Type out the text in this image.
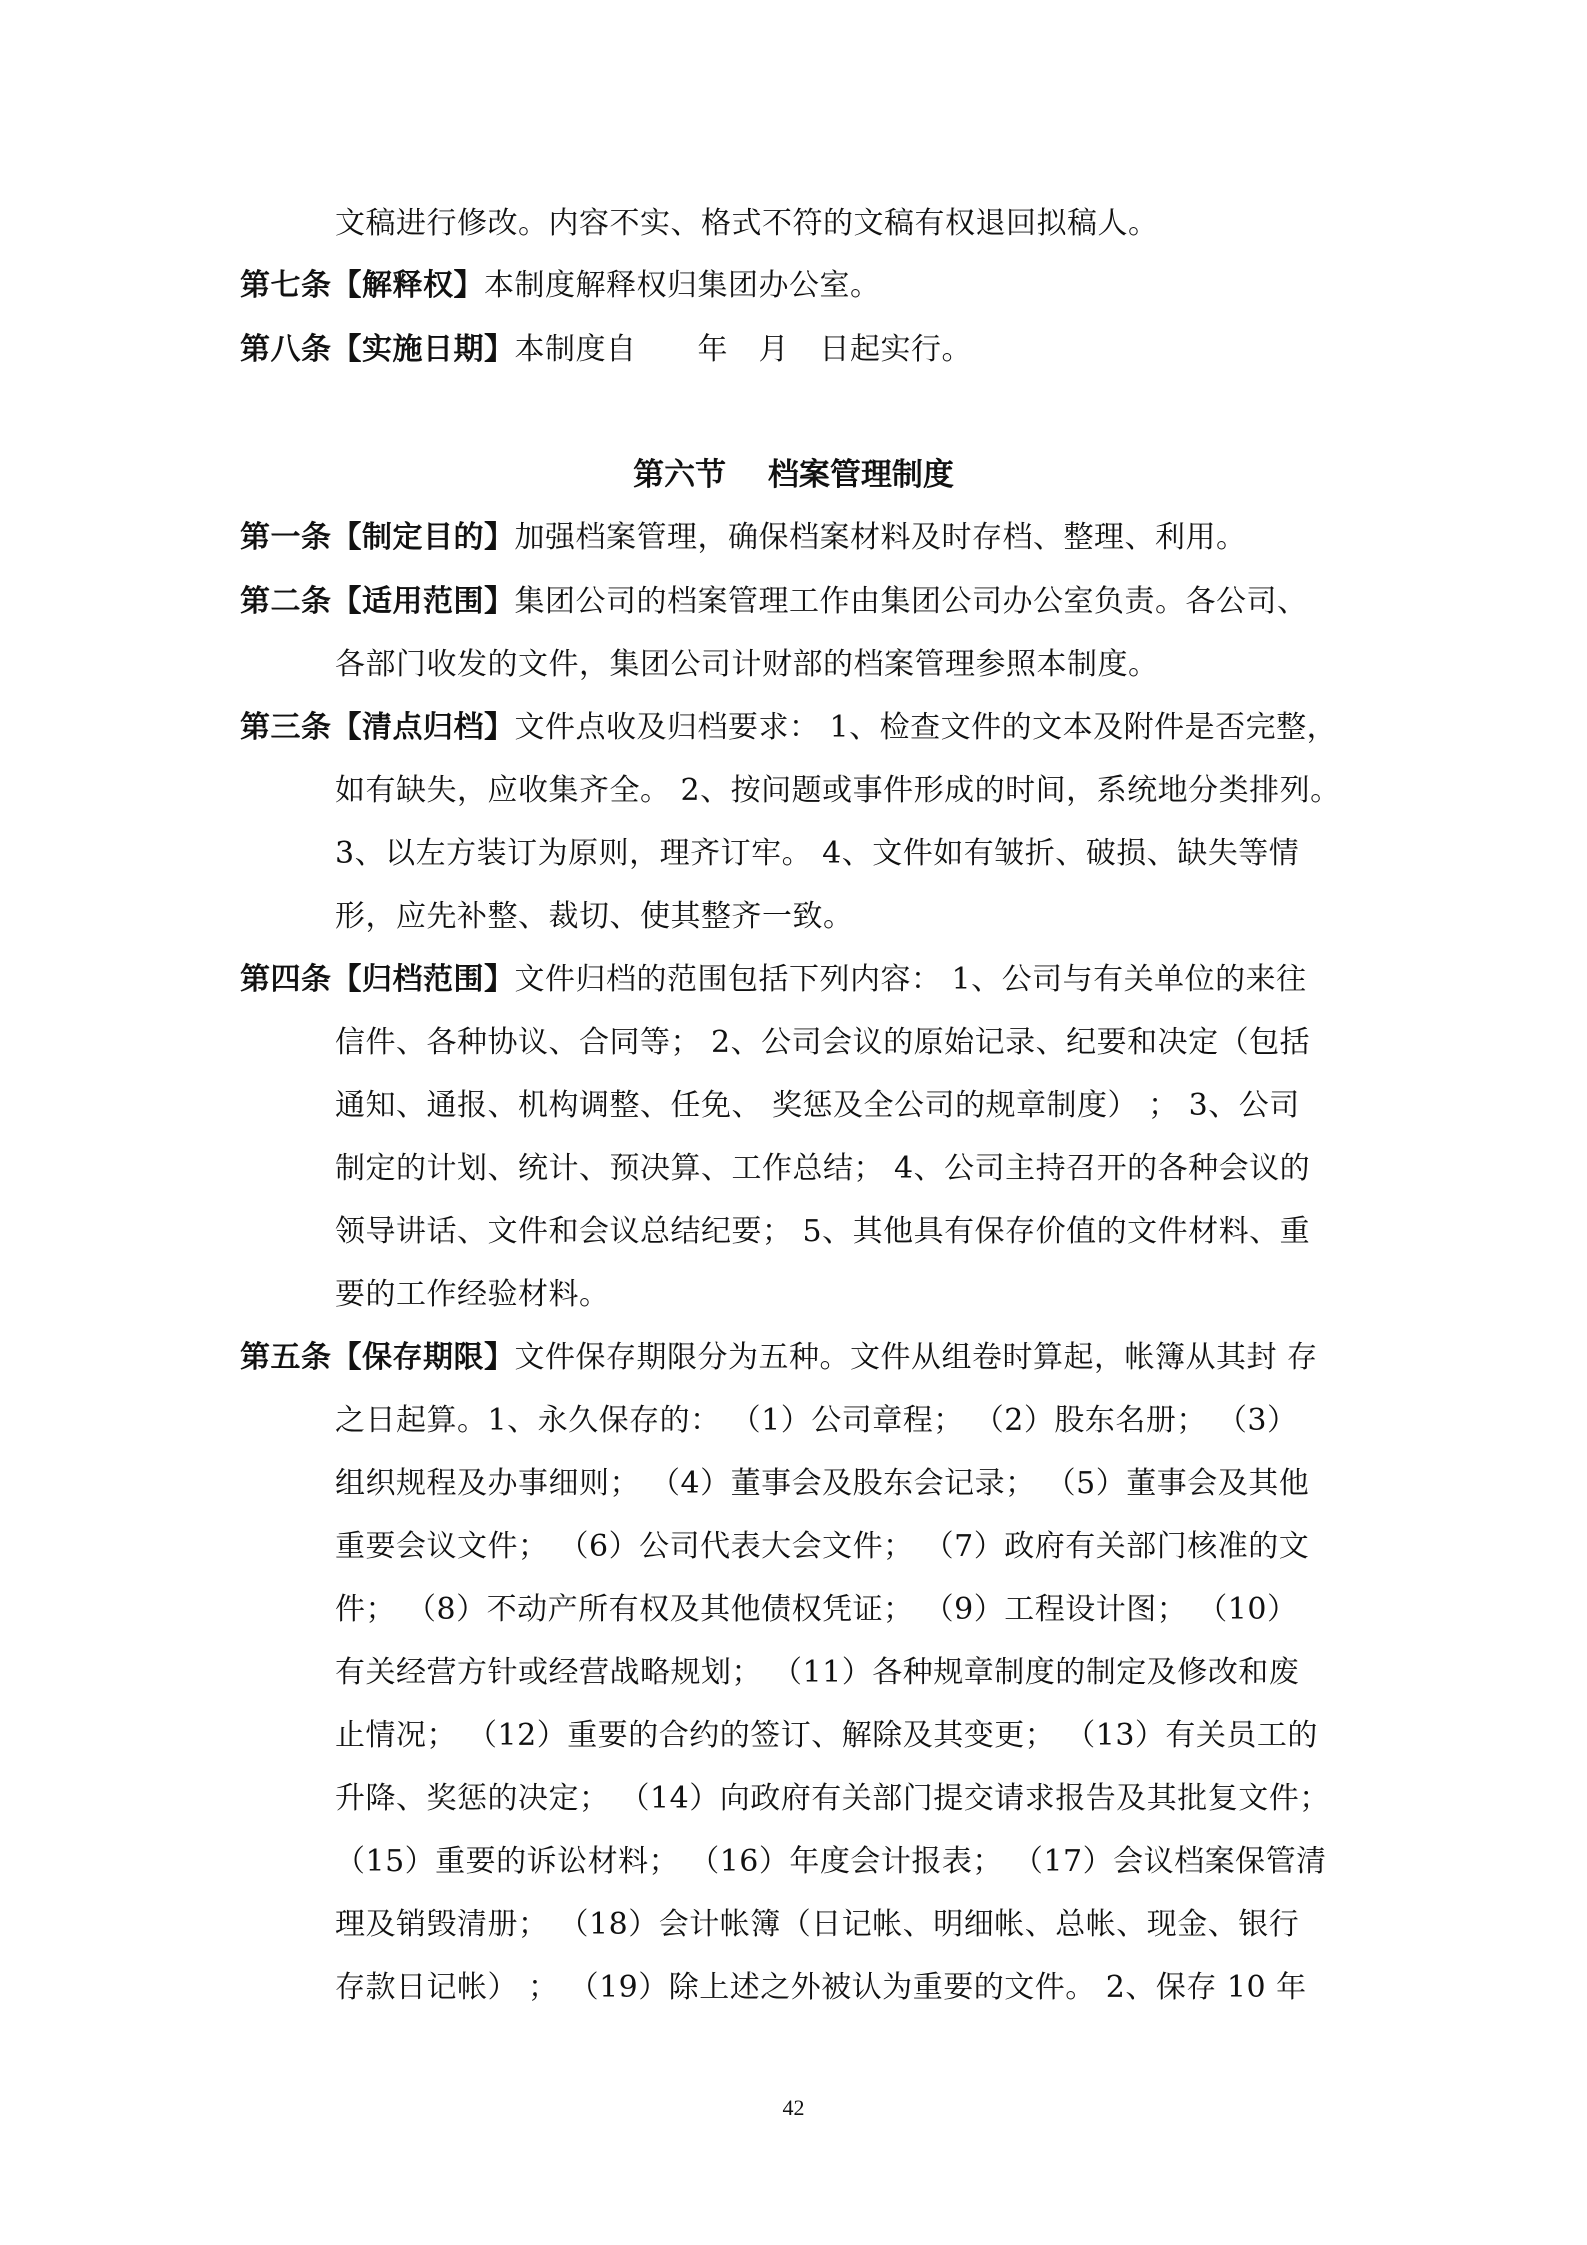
文稿进行修改。内容不实、格式不符的文稿有权退回拟稿人。
第七条【解释权】本制度解释权归集团办公室。
第八条【实施日期】本制度自　　年　月　日起实行。
第六节　 档案管理制度
第一条【制定目的】加强档案管理，确保档案材料及时存档、整理、利用。
第二条【适用范围】集团公司的档案管理工作由集团公司办公室负责。各公司、
各部门收发的文件，集团公司计财部的档案管理参照本制度。
第三条【清点归档】文件点收及归档要求： 1、检查文件的文本及附件是否完整，
如有缺失，应收集齐全。 2、按问题或事件形成的时间，系统地分类排列。
3、以左方装订为原则，理齐订牢。 4、文件如有皱折、破损、缺失等情
形，应先补整、裁切、使其整齐一致。
第四条【归档范围】文件归档的范围包括下列内容： 1、公司与有关单位的来往
信件、各种协议、合同等； 2、公司会议的原始记录、纪要和决定（包括
通知、通报、机构调整、任免、 奖惩及全公司的规章制度） ； 3、公司
制定的计划、统计、预决算、工作总结； 4、公司主持召开的各种会议的
领导讲话、文件和会议总结纪要； 5、其他具有保存价值的文件材料、重
要的工作经验材料。
第五条【保存期限】文件保存期限分为五种。文件从组卷时算起，帐簿从其封 存
之日起算。1、永久保存的： （1）公司章程； （2）股东名册； （3）
组织规程及办事细则； （4）董事会及股东会记录； （5）董事会及其他
重要会议文件； （6）公司代表大会文件； （7）政府有关部门核准的文
件； （8）不动产所有权及其他债权凭证； （9）工程设计图； （10）
有关经营方针或经营战略规划； （11）各种规章制度的制定及修改和废
止情况； （12）重要的合约的签订、解除及其变更； （13）有关员工的
升降、奖惩的决定； （14）向政府有关部门提交请求报告及其批复文件；
（15）重要的诉讼材料； （16）年度会计报表； （17）会议档案保管清
理及销毁清册； （18）会计帐簿（日记帐、明细帐、总帐、现金、银行
存款日记帐） ； （19）除上述之外被认为重要的文件。 2、保存 10 年
42
